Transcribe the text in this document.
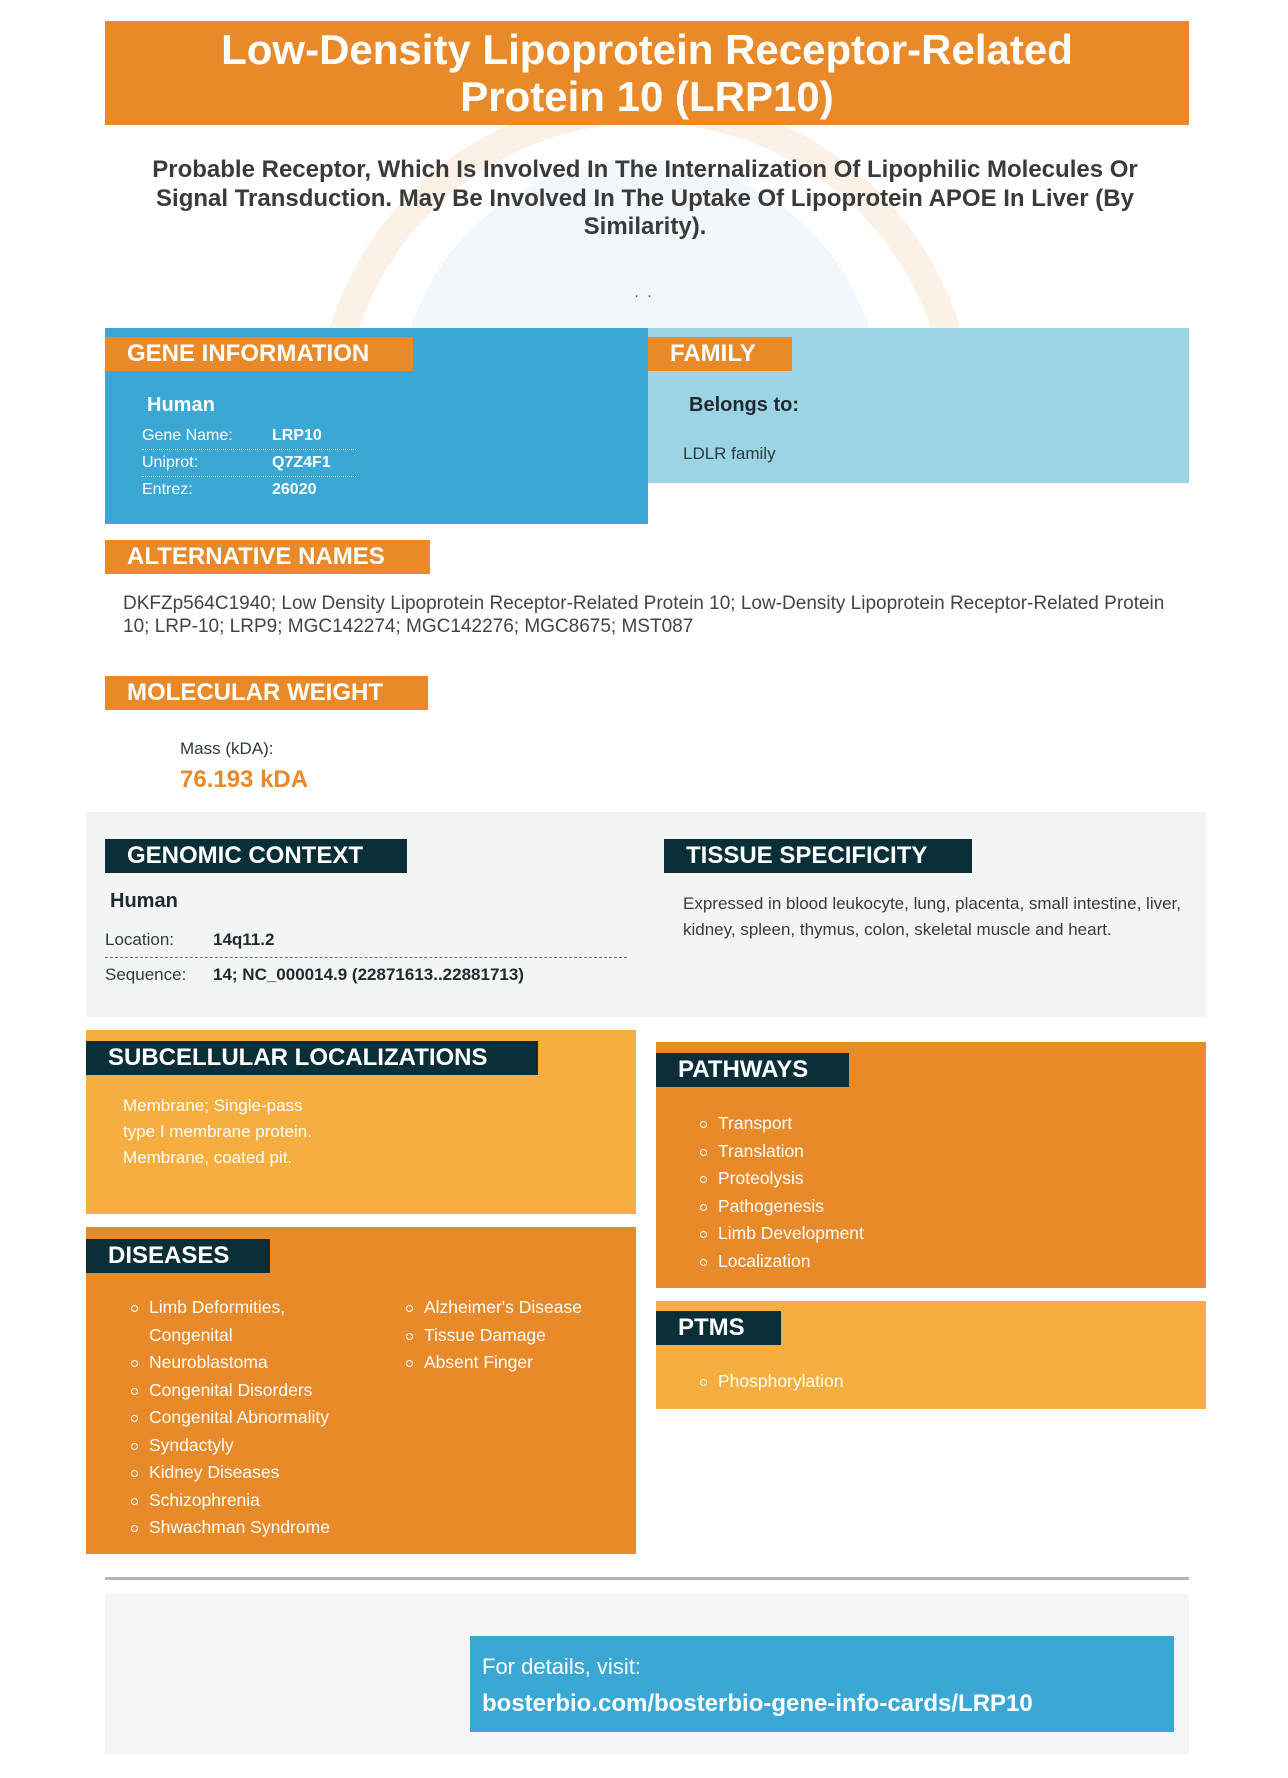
Low-Density Lipoprotein Receptor-Related Protein 10 (LRP10)
Probable Receptor, Which Is Involved In The Internalization Of Lipophilic Molecules Or Signal Transduction. May Be Involved In The Uptake Of Lipoprotein APOE In Liver (By Similarity).
. .
GENE INFORMATION
Human
Gene Name:	LRP10
Uniprot:	Q7Z4F1
Entrez:	26020
FAMILY
Belongs to:
LDLR family
ALTERNATIVE NAMES
DKFZp564C1940; Low Density Lipoprotein Receptor-Related Protein 10; Low-Density Lipoprotein Receptor-Related Protein 10; LRP-10; LRP9; MGC142274; MGC142276; MGC8675; MST087
MOLECULAR WEIGHT
Mass (kDA):
76.193 kDA
GENOMIC CONTEXT
Human
Location: 14q11.2
Sequence: 14; NC_000014.9 (22871613..22881713)
TISSUE SPECIFICITY
Expressed in blood leukocyte, lung, placenta, small intestine, liver, kidney, spleen, thymus, colon, skeletal muscle and heart.
SUBCELLULAR LOCALIZATIONS
Membrane; Single-pass
type I membrane protein.
Membrane, coated pit.
DISEASES
Limb Deformities,
Congenital
Neuroblastoma
Congenital Disorders
Congenital Abnormality
Syndactyly
Kidney Diseases
Schizophrenia
Shwachman Syndrome
Alzheimer's Disease
Tissue Damage
Absent Finger
PATHWAYS
Transport
Translation
Proteolysis
Pathogenesis
Limb Development
Localization
PTMS
Phosphorylation
For details, visit:
bosterbio.com/bosterbio-gene-info-cards/LRP10
